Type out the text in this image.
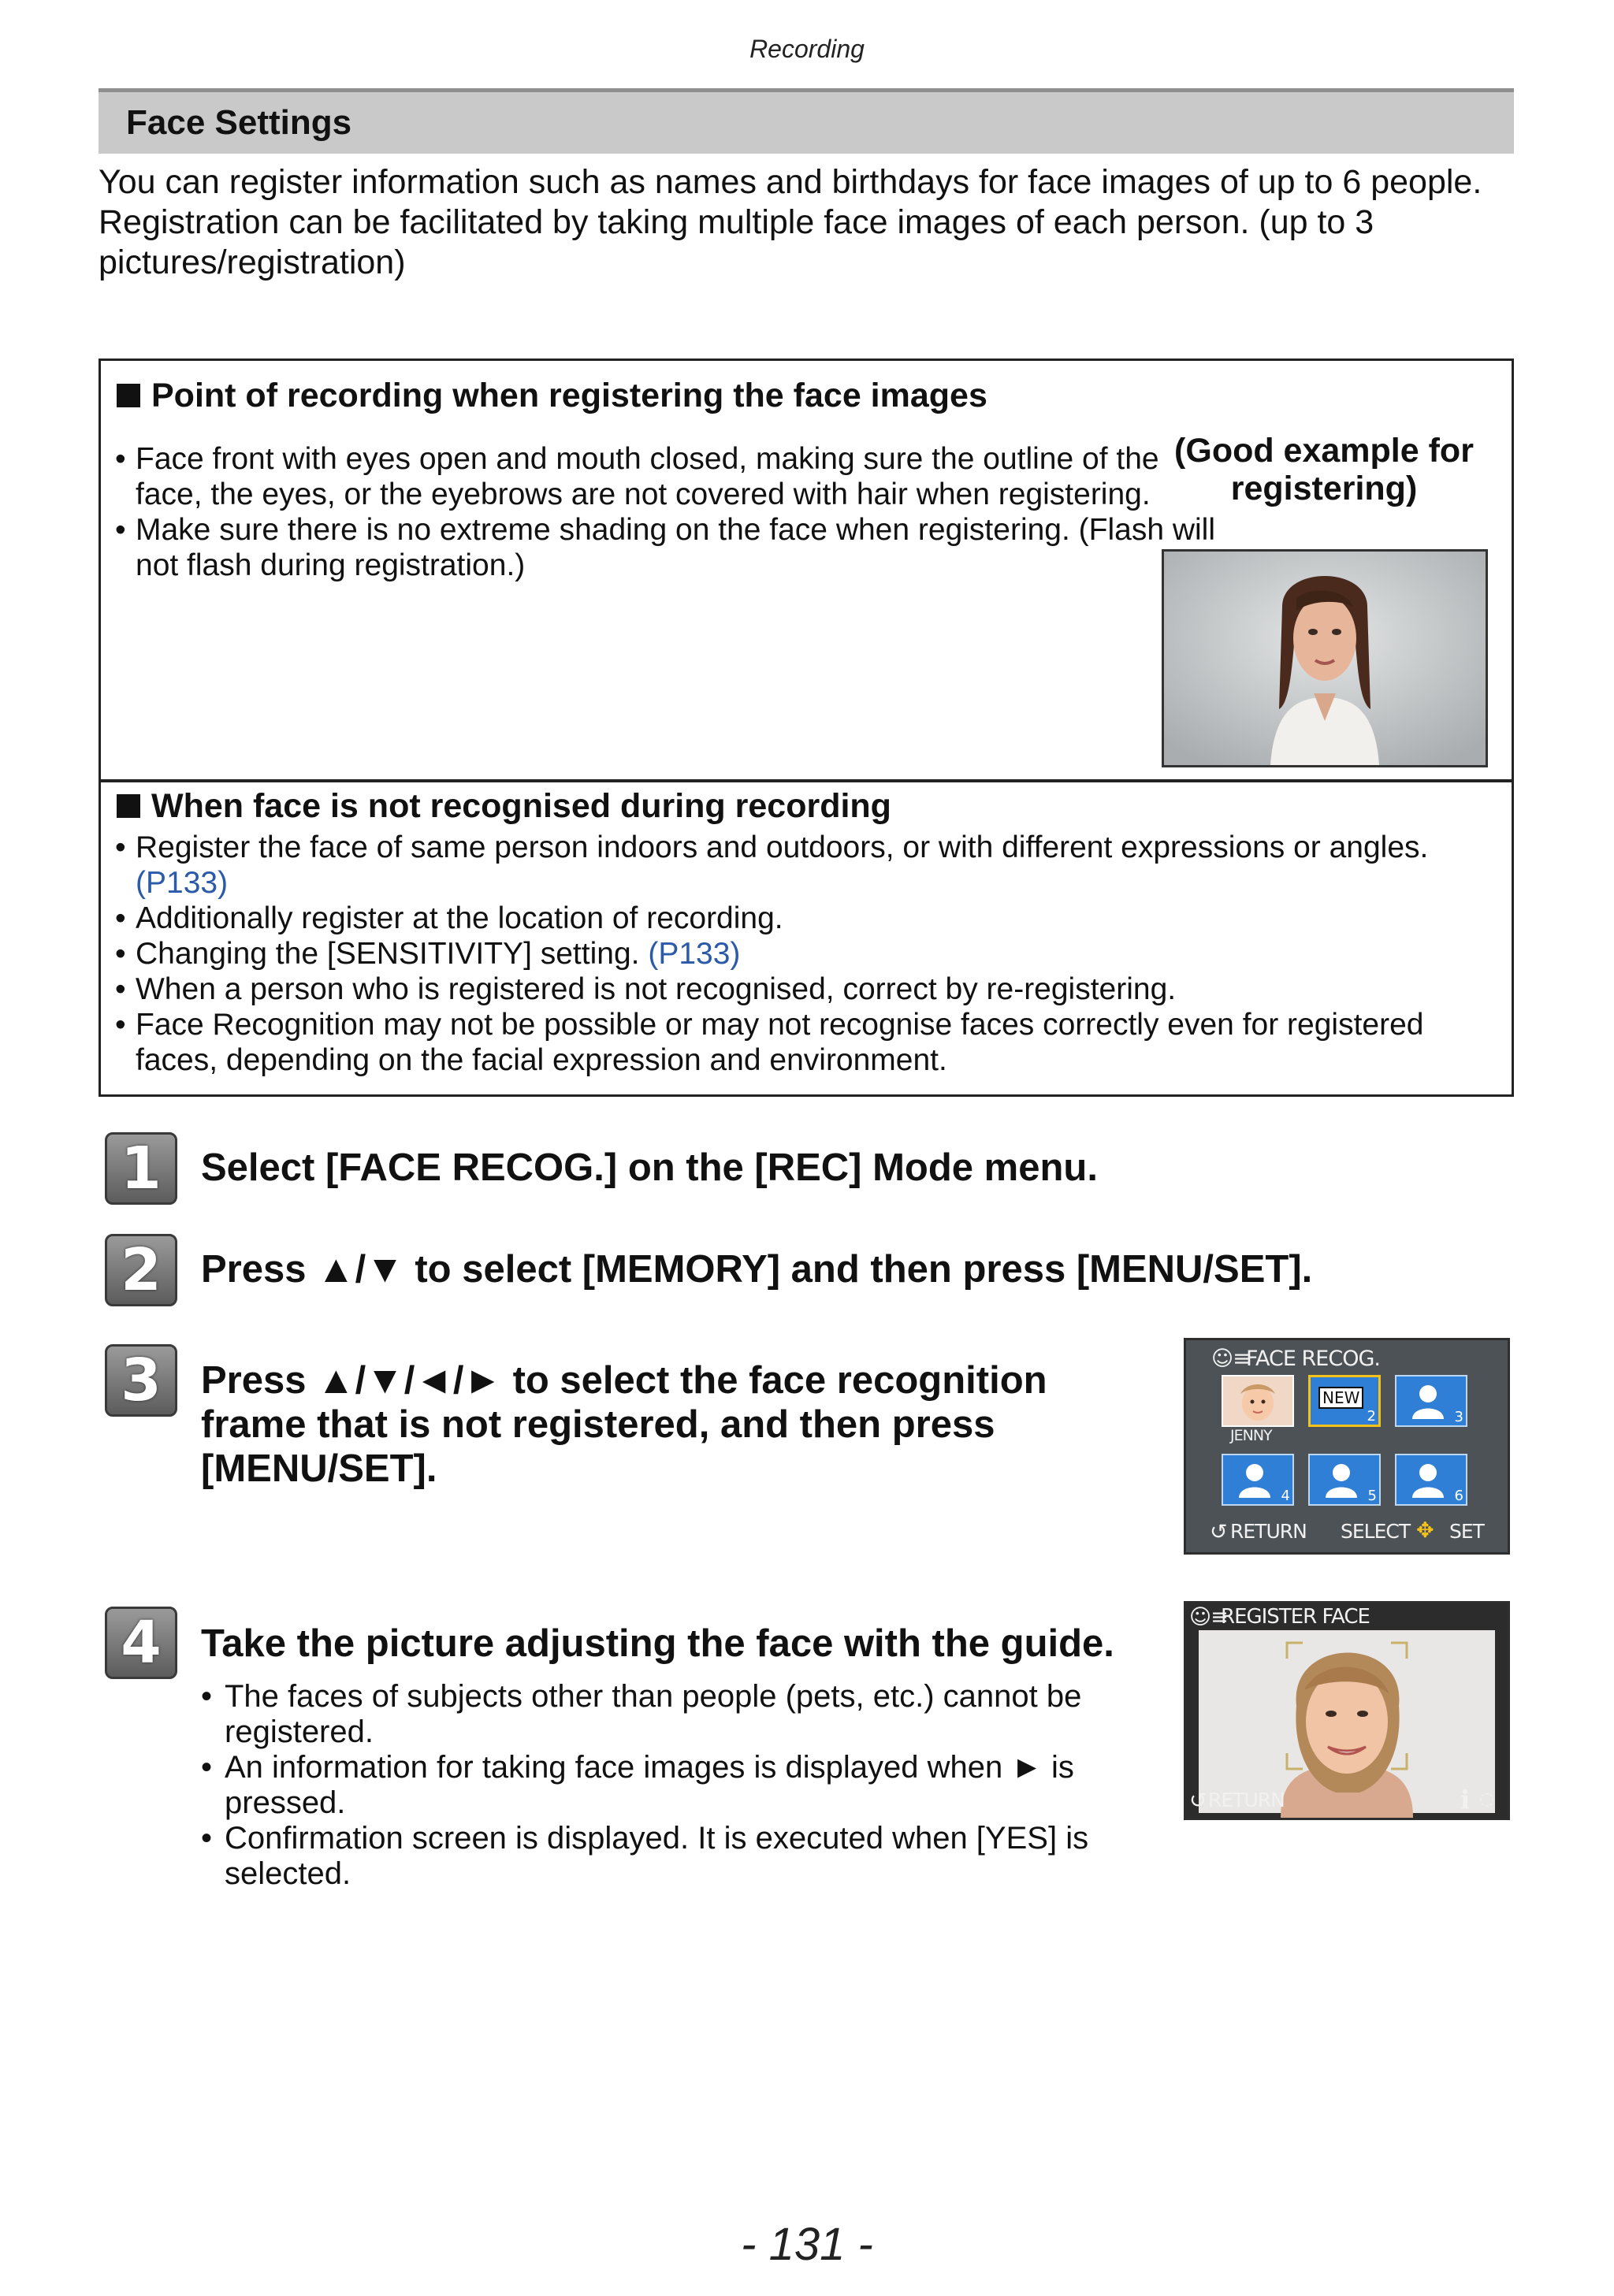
Recording
Face Settings

You can register information such as names and birthdays for face images of up to 6 people.

Registration can be facilitated by taking multiple face images of each person. (up to 3 pictures/registration)

Point of recording when registering the face images
• Face front with eyes open and mouth closed, making sure the outline of the face, the eyes, or the eyebrows are not covered with hair when registering.
• Make sure there is no extreme shading on the face when registering. (Flash will not flash during registration.)
(Good example for registering)
When face is not recognised during recording
• Register the face of same person indoors and outdoors, or with different expressions or angles. (P133)
• Additionally register at the location of recording.
• Changing the [SENSITIVITY] setting. (P133)
• When a person who is registered is not recognised, correct by re-registering.
• Face Recognition may not be possible or may not recognise faces correctly even for registered faces, depending on the facial expression and environment.
1	Select [FACE RECOG.] on the [REC] Mode menu.
2	Press ▲/▼ to select [MEMORY] and then press [MENU/SET].
3	Press ▲/▼/◄/► to select the face recognition frame that is not registered, and then press [MENU/SET].
4	Take the picture adjusting the face with the guide.
• The faces of subjects other than people (pets, etc.) cannot be registered.
• An information for taking face images is displayed when ► is pressed.
• Confirmation screen is displayed. It is executed when [YES] is selected.
☺≡
FACE RECOG.
JENNY
NEW
2	3
4	5	6
↺ RETURN SELECT ✥ SET
☺≡
REGISTER FACE
↺ RETURN	i ◌
- 131 -
